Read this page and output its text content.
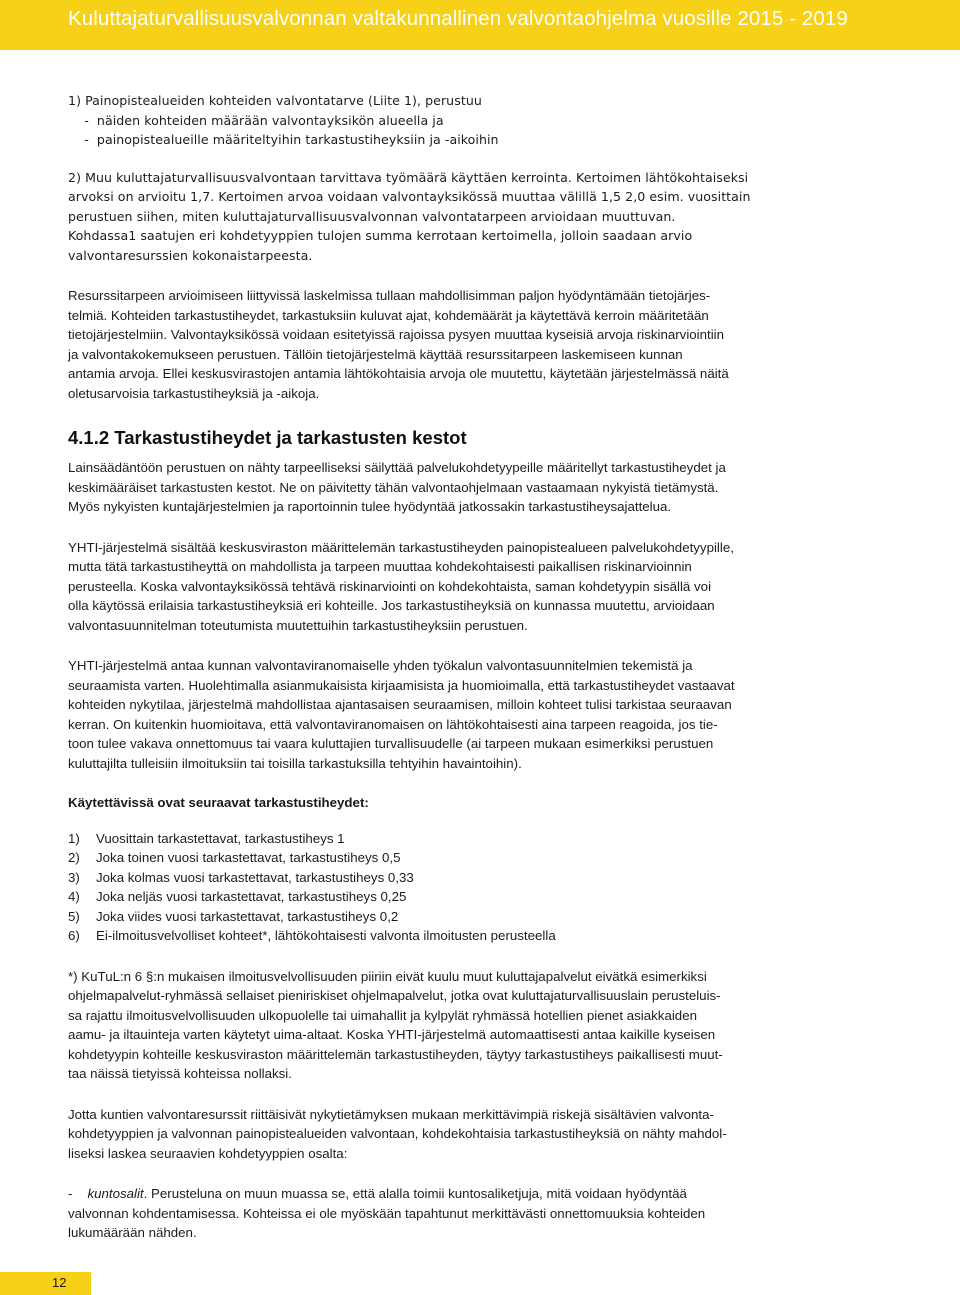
Kuluttajaturvallisuusvalvonnan valtakunnallinen valvontaohjelma vuosille 2015 - 2019
1) Painopistealueiden kohteiden valvontatarve (Liite 1), perustuu
-  näiden kohteiden määrään valvontayksikön alueella ja
-  painopistealueille määriteltyihin tarkastustiheyksiin ja -aikoihin
2) Muu kuluttajaturvallisuusvalvontaan tarvittava työmäärä käyttäen kerrointa. Kertoimen lähtökohtaiseksi
arvoksi on arvioitu 1,7. Kertoimen arvoa voidaan valvontayksikössä muuttaa välillä 1,5 2,0 esim. vuosittain
perustuen siihen, miten kuluttajaturvallisuusvalvonnan valvontatarpeen arvioidaan muuttuvan.
Kohdassa1 saatujen eri kohdetyyppien tulojen summa kerrotaan kertoimella, jolloin saadaan arvio
valvontaresurssien kokonaistarpeesta.
Resurssitarpeen arvioimiseen liittyvissä laskelmissa tullaan mahdollisimman paljon hyödyntämään tietojärjes-
telmiä. Kohteiden tarkastustiheydet, tarkastuksiin kuluvat ajat, kohdemäärät ja käytettävä kerroin määritetään
tietojärjestelmiin. Valvontayksikössä voidaan esitetyissä rajoissa pysyen muuttaa kyseisiä arvoja riskinarviointiin
ja valvontakokemukseen perustuen. Tällöin tietojärjestelmä käyttää resurssitarpeen laskemiseen kunnan
antamia arvoja. Ellei keskusvirastojen antamia lähtökohtaisia arvoja ole muutettu, käytetään järjestelmässä näitä
oletusarvoisia tarkastustiheyksiä ja -aikoja.
4.1.2 Tarkastustiheydet ja tarkastusten kestot
Lainsäädäntöön perustuen on nähty tarpeelliseksi säilyttää palvelukohdetyypeille määritellyt tarkastustiheydet ja
keskimääräiset tarkastusten kestot. Ne on päivitetty tähän valvontaohjelmaan vastaamaan nykyistä tietämystä.
Myös nykyisten kuntajärjestelmien ja raportoinnin tulee hyödyntää jatkossakin tarkastustiheysajattelua.
YHTI-järjestelmä sisältää keskusviraston määrittelemän tarkastustiheyden painopistealueen palvelukohdetyypille,
mutta tätä tarkastustiheyttä on mahdollista ja tarpeen muuttaa kohdekohtaisesti paikallisen riskinarvioinnin
perusteella. Koska valvontayksikössä tehtävä riskinarviointi on kohdekohtaista, saman kohdetyypin sisällä voi
olla käytössä erilaisia tarkastustiheyksiä eri kohteille. Jos tarkastustiheyksiä on kunnassa muutettu, arvioidaan
valvontasuunnitelman toteutumista muutettuihin tarkastustiheyksiin perustuen.
YHTI-järjestelmä antaa kunnan valvontaviranomaiselle yhden työkalun valvontasuunnitelmien tekemistä ja
seuraamista varten. Huolehtimalla asianmukaisista kirjaamisista ja huomioimalla, että tarkastustiheydet vastaavat
kohteiden nykytilaa, järjestelmä mahdollistaa ajantasaisen seuraamisen, milloin kohteet tulisi tarkistaa seuraavan
kerran. On kuitenkin huomioitava, että valvontaviranomaisen on lähtökohtaisesti aina tarpeen reagoida, jos tie-
toon tulee vakava onnettomuus tai vaara kuluttajien turvallisuudelle (ai tarpeen mukaan esimerkiksi perustuen
kuluttajilta tulleisiin ilmoituksiin tai toisilla tarkastuksilla tehtyihin havaintoihin).
Käytettävissä ovat seuraavat tarkastustiheydet:
1) Vuosittain tarkastettavat, tarkastustiheys 1
2) Joka toinen vuosi tarkastettavat, tarkastustiheys 0,5
3) Joka kolmas vuosi tarkastettavat, tarkastustiheys 0,33
4) Joka neljäs vuosi tarkastettavat, tarkastustiheys 0,25
5) Joka viides vuosi tarkastettavat, tarkastustiheys 0,2
6) Ei-ilmoitusvelvolliset kohteet*, lähtökohtaisesti valvonta ilmoitusten perusteella
*) KuTuL:n 6 §:n mukaisen ilmoitusvelvollisuuden piiriin eivät kuulu muut kuluttajapalvelut eivätkä esimerkiksi
ohjelmapalvelut-ryhmässä sellaiset pieniriskiset ohjelmapalvelut, jotka ovat kuluttajaturvallisuuslain perusteluis-
sa rajattu ilmoitusvelvollisuuden ulkopuolelle tai uimahallit ja kylpylät ryhmässä hotellien pienet asiakkaiden
aamu- ja iltauinteja varten käytetyt uima-altaat. Koska YHTI-järjestelmä automaattisesti antaa kaikille kyseisen
kohdetyypin kohteille keskusviraston määrittelemän tarkastustiheyden, täytyy tarkastustiheys paikallisesti muut-
taa näissä tietyissä kohteissa nollaksi.
Jotta kuntien valvontaresurssit riittäisivät nykytietämyksen mukaan merkittävimpiä riskejä sisältävien valvonta-
kohdetyyppien ja valvonnan painopistealueiden valvontaan, kohdekohtaisia tarkastustiheyksiä on nähty mahdol-
liseksi laskea seuraavien kohdetyyppien osalta:
- kuntosalit. Perusteluna on muun muassa se, että alalla toimii kuntosaliketjuja, mitä voidaan hyödyntää
valvonnan kohdentamisessa. Kohteissa ei ole myöskään tapahtunut merkittävästi onnettomuuksia kohteiden
lukumäärään nähden.
12
